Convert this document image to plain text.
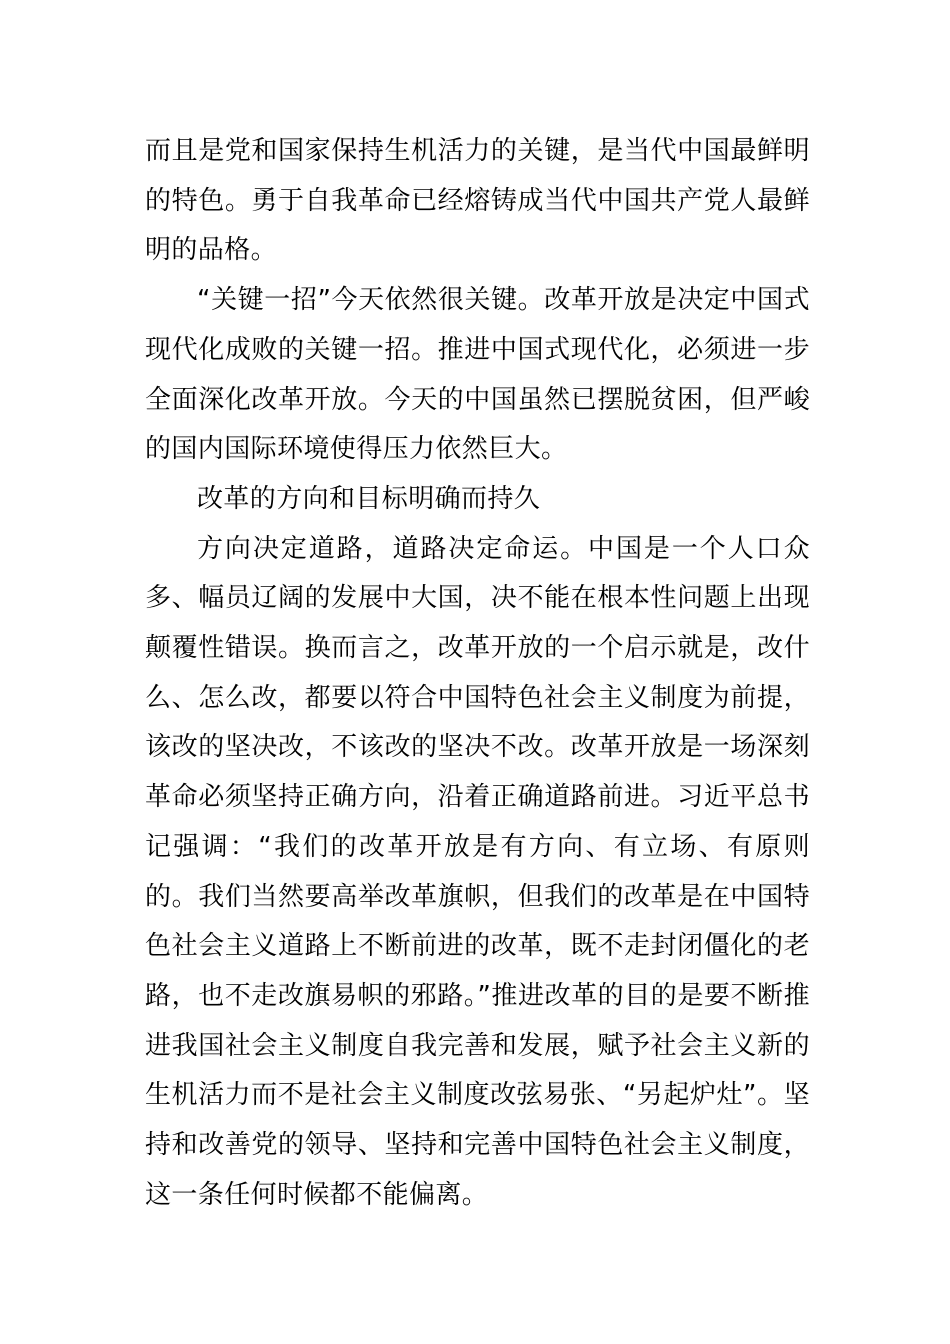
而且是党和国家保持生机活力的关键，是当代中国最鲜明的特色。勇于自我革命已经熔铸成当代中国共产党人最鲜明的品格。

“关键一招”今天依然很关键。改革开放是决定中国式现代化成败的关键一招。推进中国式现代化，必须进一步全面深化改革开放。今天的中国虽然已摆脱贫困，但严峻的国内国际环境使得压力依然巨大。

改革的方向和目标明确而持久

方向决定道路，道路决定命运。中国是一个人口众多、幅员辽阔的发展中大国，决不能在根本性问题上出现颠覆性错误。换而言之，改革开放的一个启示就是，改什么、怎么改，都要以符合中国特色社会主义制度为前提，该改的坚决改，不该改的坚决不改。改革开放是一场深刻革命必须坚持正确方向，沿着正确道路前进。习近平总书记强调：“我们的改革开放是有方向、有立场、有原则的。我们当然要高举改革旗帜，但我们的改革是在中国特色社会主义道路上不断前进的改革，既不走封闭僵化的老路，也不走改旗易帜的邪路。”推进改革的目的是要不断推进我国社会主义制度自我完善和发展，赋予社会主义新的生机活力而不是社会主义制度改弦易张、“另起炉灶”。坚持和改善党的领导、坚持和完善中国特色社会主义制度，这一条任何时候都不能偏离。
